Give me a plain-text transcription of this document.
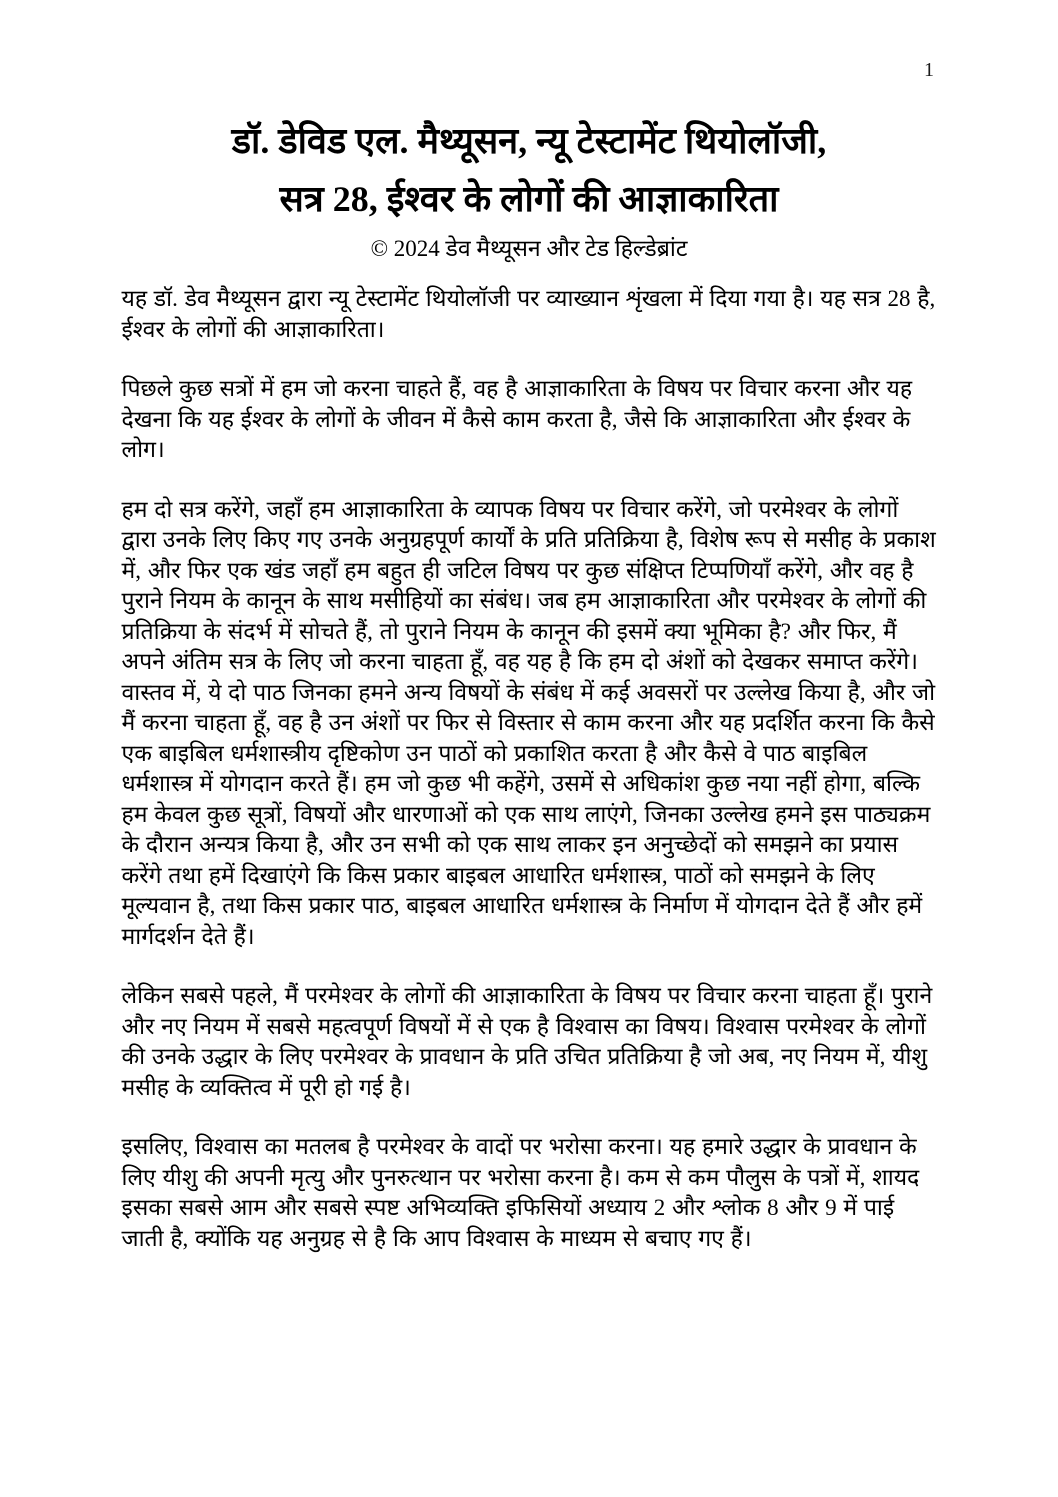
1
डॉ. डेविड एल. मैथ्यूसन, न्यू टेस्टामेंट थियोलॉजी,
सत्र 28, ईश्वर के लोगों की आज्ञाकारिता
© 2024 डेव मैथ्यूसन और टेड हिल्डेब्रांट

यह डॉ. डेव मैथ्यूसन द्वारा न्यू टेस्टामेंट थियोलॉजी पर व्याख्यान शृंखला में दिया गया है। यह सत्र 28 है, ईश्वर के लोगों की आज्ञाकारिता।

पिछले कुछ सत्रों में हम जो करना चाहते हैं, वह है आज्ञाकारिता के विषय पर विचार करना और यह देखना कि यह ईश्वर के लोगों के जीवन में कैसे काम करता है, जैसे कि आज्ञाकारिता और ईश्वर के लोग।

हम दो सत्र करेंगे, जहाँ हम आज्ञाकारिता के व्यापक विषय पर विचार करेंगे, जो परमेश्वर के लोगों द्वारा उनके लिए किए गए उनके अनुग्रहपूर्ण कार्यों के प्रति प्रतिक्रिया है, विशेष रूप से मसीह के प्रकाश में, और फिर एक खंड जहाँ हम बहुत ही जटिल विषय पर कुछ संक्षिप्त टिप्पणियाँ करेंगे, और वह है पुराने नियम के कानून के साथ मसीहियों का संबंध। जब हम आज्ञाकारिता और परमेश्वर के लोगों की प्रतिक्रिया के संदर्भ में सोचते हैं, तो पुराने नियम के कानून की इसमें क्या भूमिका है? और फिर, मैं अपने अंतिम सत्र के लिए जो करना चाहता हूँ, वह यह है कि हम दो अंशों को देखकर समाप्त करेंगे। वास्तव में, ये दो पाठ जिनका हमने अन्य विषयों के संबंध में कई अवसरों पर उल्लेख किया है, और जो मैं करना चाहता हूँ, वह है उन अंशों पर फिर से विस्तार से काम करना और यह प्रदर्शित करना कि कैसे एक बाइबिल धर्मशास्त्रीय दृष्टिकोण उन पाठों को प्रकाशित करता है और कैसे वे पाठ बाइबिल धर्मशास्त्र में योगदान करते हैं। हम जो कुछ भी कहेंगे, उसमें से अधिकांश कुछ नया नहीं होगा, बल्कि हम केवल कुछ सूत्रों, विषयों और धारणाओं को एक साथ लाएंगे, जिनका उल्लेख हमने इस पाठ्यक्रम के दौरान अन्यत्र किया है, और उन सभी को एक साथ लाकर इन अनुच्छेदों को समझने का प्रयास करेंगे तथा हमें दिखाएंगे कि किस प्रकार बाइबल आधारित धर्मशास्त्र, पाठों को समझने के लिए मूल्यवान है, तथा किस प्रकार पाठ, बाइबल आधारित धर्मशास्त्र के निर्माण में योगदान देते हैं और हमें मार्गदर्शन देते हैं।

लेकिन सबसे पहले, मैं परमेश्वर के लोगों की आज्ञाकारिता के विषय पर विचार करना चाहता हूँ। पुराने और नए नियम में सबसे महत्वपूर्ण विषयों में से एक है विश्वास का विषय। विश्वास परमेश्वर के लोगों की उनके उद्धार के लिए परमेश्वर के प्रावधान के प्रति उचित प्रतिक्रिया है जो अब, नए नियम में, यीशु मसीह के व्यक्तित्व में पूरी हो गई है।

इसलिए, विश्वास का मतलब है परमेश्वर के वादों पर भरोसा करना। यह हमारे उद्धार के प्रावधान के लिए यीशु की अपनी मृत्यु और पुनरुत्थान पर भरोसा करना है। कम से कम पौलुस के पत्रों में, शायद इसका सबसे आम और सबसे स्पष्ट अभिव्यक्ति इफिसियों अध्याय 2 और श्लोक 8 और 9 में पाई जाती है, क्योंकि यह अनुग्रह से है कि आप विश्वास के माध्यम से बचाए गए हैं।
